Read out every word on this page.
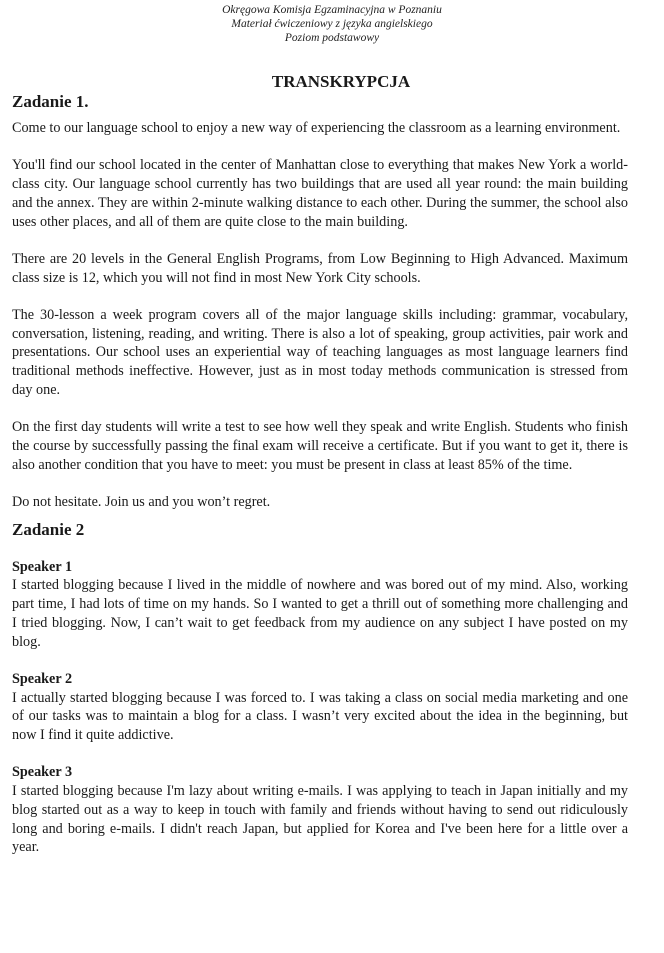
Okręgowa Komisja Egzaminacyjna w Poznaniu
Materiał ćwiczeniowy z języka angielskiego
Poziom podstawowy
TRANSKRYPCJA
Zadanie 1.

Come to our language school to enjoy a new way of experiencing the classroom as a learning environment.

You'll find our school located in the center of Manhattan close to everything that makes New York a world-class city. Our language school currently has two buildings that are used all year round: the main building and the annex. They are within 2-minute walking distance to each other. During the summer, the school also uses other places, and all of them are quite close to the main building.

There are 20 levels in the General English Programs, from Low Beginning to High Advanced. Maximum class size is 12, which you will not find in most New York City schools.

The 30-lesson a week program covers all of the major language skills including: grammar, vocabulary, conversation, listening, reading, and writing. There is also a lot of speaking, group activities, pair work and presentations. Our school uses an experiential way of teaching languages as most language learners find traditional methods ineffective. However, just as in most today methods communication is stressed from day one.

On the first day students will write a test to see how well they speak and write English. Students who finish the course by successfully passing the final exam will receive a certificate. But if you want to get it, there is also another condition that you have to meet: you must be present in class at least 85% of the time.

Do not hesitate. Join us and you won’t regret.

Zadanie 2
Speaker 1

I started blogging because I lived in the middle of nowhere and was bored out of my mind. Also, working part time, I had lots of time on my hands. So I wanted to get a thrill out of something more challenging and I tried blogging. Now, I can’t wait to get feedback from my audience on any subject I have posted on my blog.

Speaker 2

I actually started blogging because I was forced to. I was taking a class on social media marketing and one of our tasks was to maintain a blog for a class. I wasn’t very excited about the idea in the beginning, but now I find it quite addictive.

Speaker 3

I started blogging because I'm lazy about writing e-mails. I was applying to teach in Japan initially and my blog started out as a way to keep in touch with family and friends without having to send out ridiculously long and boring e-mails. I didn't reach Japan, but applied for Korea and I've been here for a little over a year.
